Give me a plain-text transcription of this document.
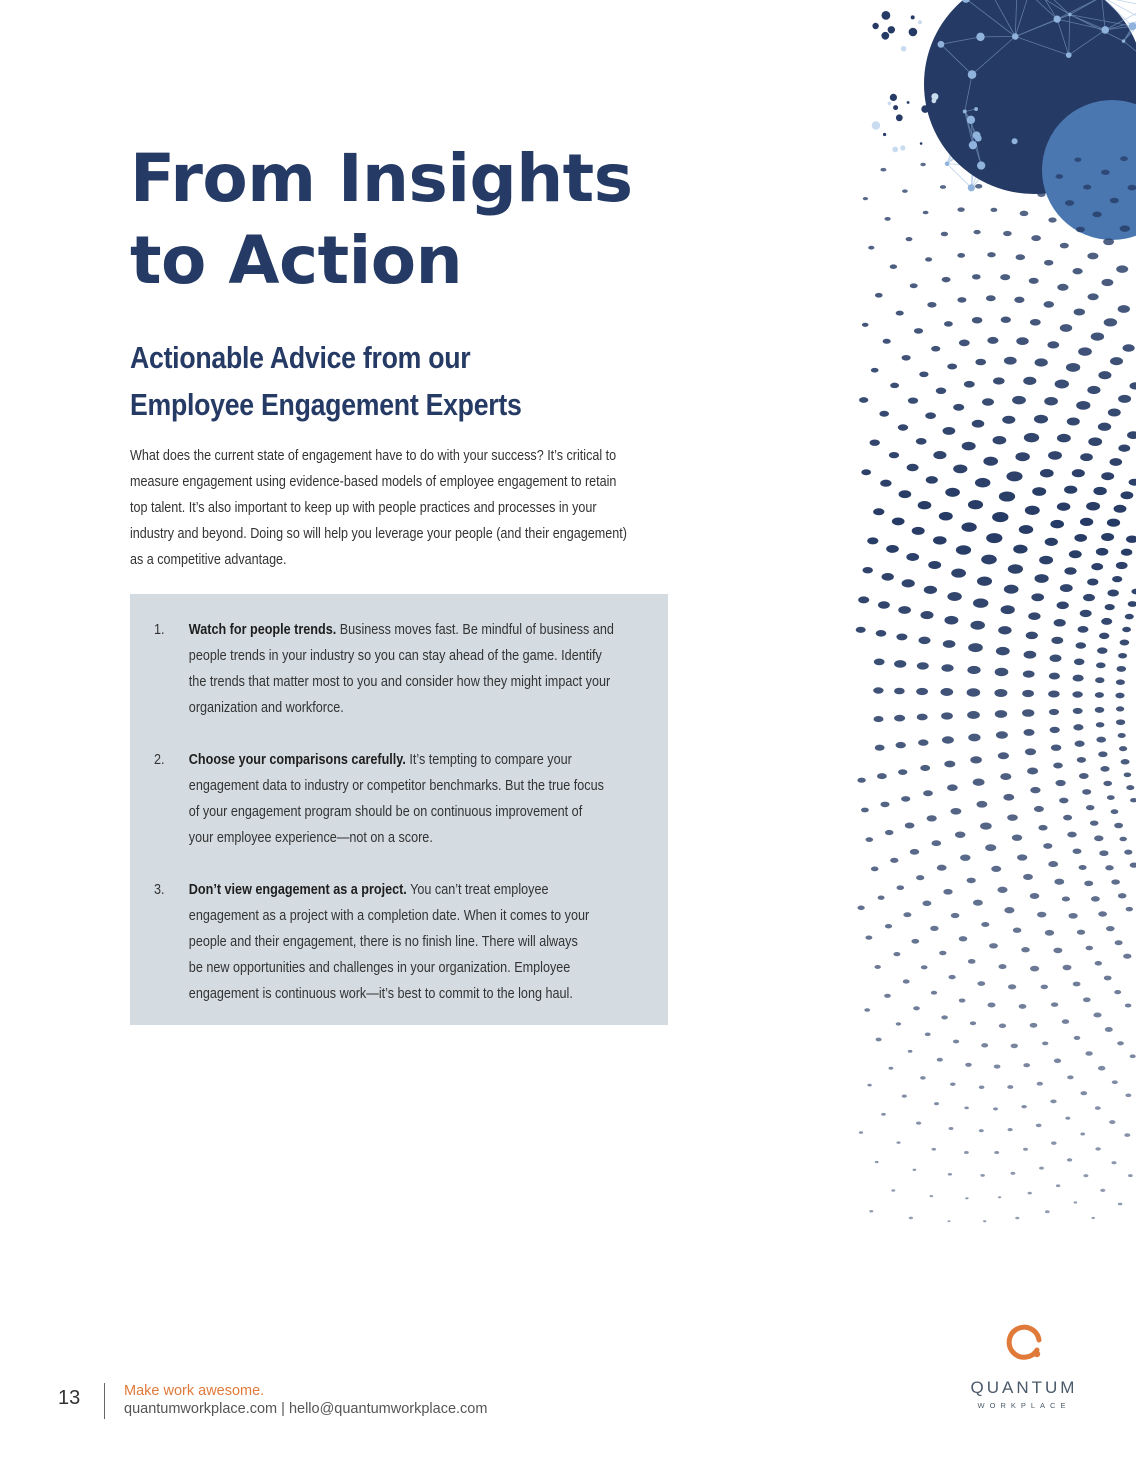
From Insights
to Action
Actionable Advice from our
Employee Engagement Experts

What does the current state of engagement have to do with your success? It’s critical to
measure engagement using evidence-based models of employee engagement to retain
top talent. It’s also important to keep up with people practices and processes in your
industry and beyond. Doing so will help you leverage your people (and their engagement)
as a competitive advantage.

1. Watch for people trends. Business moves fast. Be mindful of business and
people trends in your industry so you can stay ahead of the game. Identify
the trends that matter most to you and consider how they might impact your
organization and workforce.
2. Choose your comparisons carefully. It’s tempting to compare your
engagement data to industry or competitor benchmarks. But the true focus
of your engagement program should be on continuous improvement of
your employee experience—not on a score.
3. Don’t view engagement as a project. You can’t treat employee
engagement as a project with a completion date. When it comes to your
people and their engagement, there is no finish line. There will always
be new opportunities and challenges in your organization. Employee
engagement is continuous work—it’s best to commit to the long haul.
13	Make work awesome.
quantumworkplace.com | hello@quantumworkplace.com
QUANTUM
WORKPLACE
